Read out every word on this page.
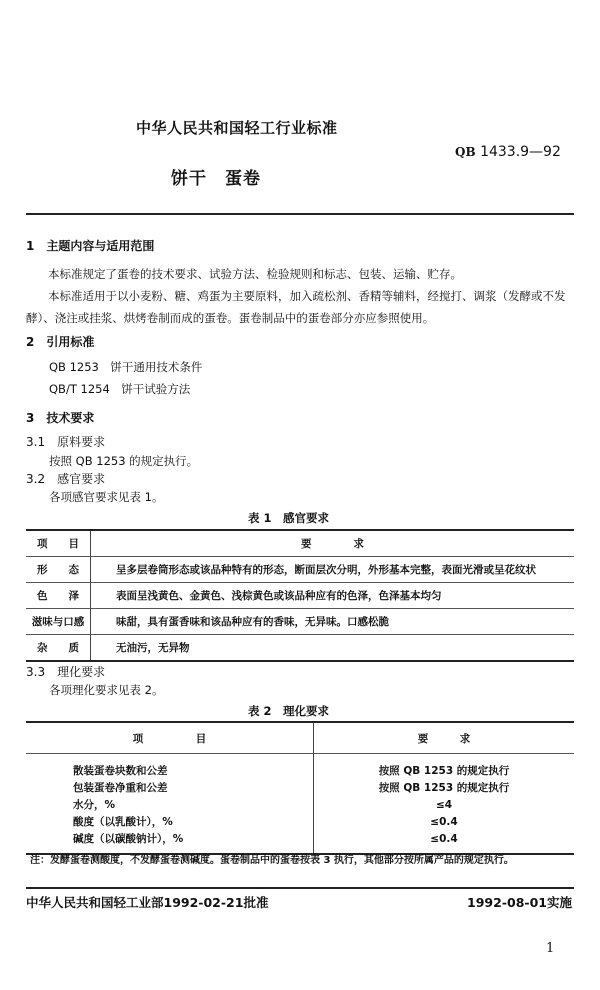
中华人民共和国轻工行业标准
QB 1433.9—92
饼干　蛋卷
1　主题内容与适用范围
本标准规定了蛋卷的技术要求、试验方法、检验规则和标志、包装、运输、贮存。
本标准适用于以小麦粉、糖、鸡蛋为主要原料，加入疏松剂、香精等辅料，经搅打、调浆（发酵或不发酵）、浇注或挂浆、烘烤卷制而成的蛋卷。蛋卷制品中的蛋卷部分亦应参照使用。
2　引用标准
QB 1253　饼干通用技术条件
QB/T 1254　饼干试验方法
3　技术要求
3.1　原料要求
按照 QB 1253 的规定执行。
3.2　感官要求
各项感官要求见表 1。
表 1　感官要求
项　　目	要　　　　求
形　　态	呈多层卷筒形态或该品种特有的形态，断面层次分明，外形基本完整，表面光滑或呈花纹状
色　　泽	表面呈浅黄色、金黄色、浅棕黄色或该品种应有的色泽，色泽基本均匀
滋味与口感	味甜，具有蛋香味和该品种应有的香味，无异味。口感松脆
杂　　质	无油污，无异物
3.3　理化要求
各项理化要求见表 2。
表 2　理化要求
项　　　　　目	要　　　求
散装蛋卷块数和公差	按照 QB 1253 的规定执行
包装蛋卷净重和公差	按照 QB 1253 的规定执行
水分，%	≤4
酸度（以乳酸计），%	≤0.4
碱度（以碳酸钠计），%	≤0.4
注：发酵蛋卷测酸度，不发酵蛋卷测碱度。蛋卷制品中的蛋卷按表 3 执行，其他部分按所属产品的规定执行。
中华人民共和国轻工业部1992-02-21批准	1992-08-01实施
1
